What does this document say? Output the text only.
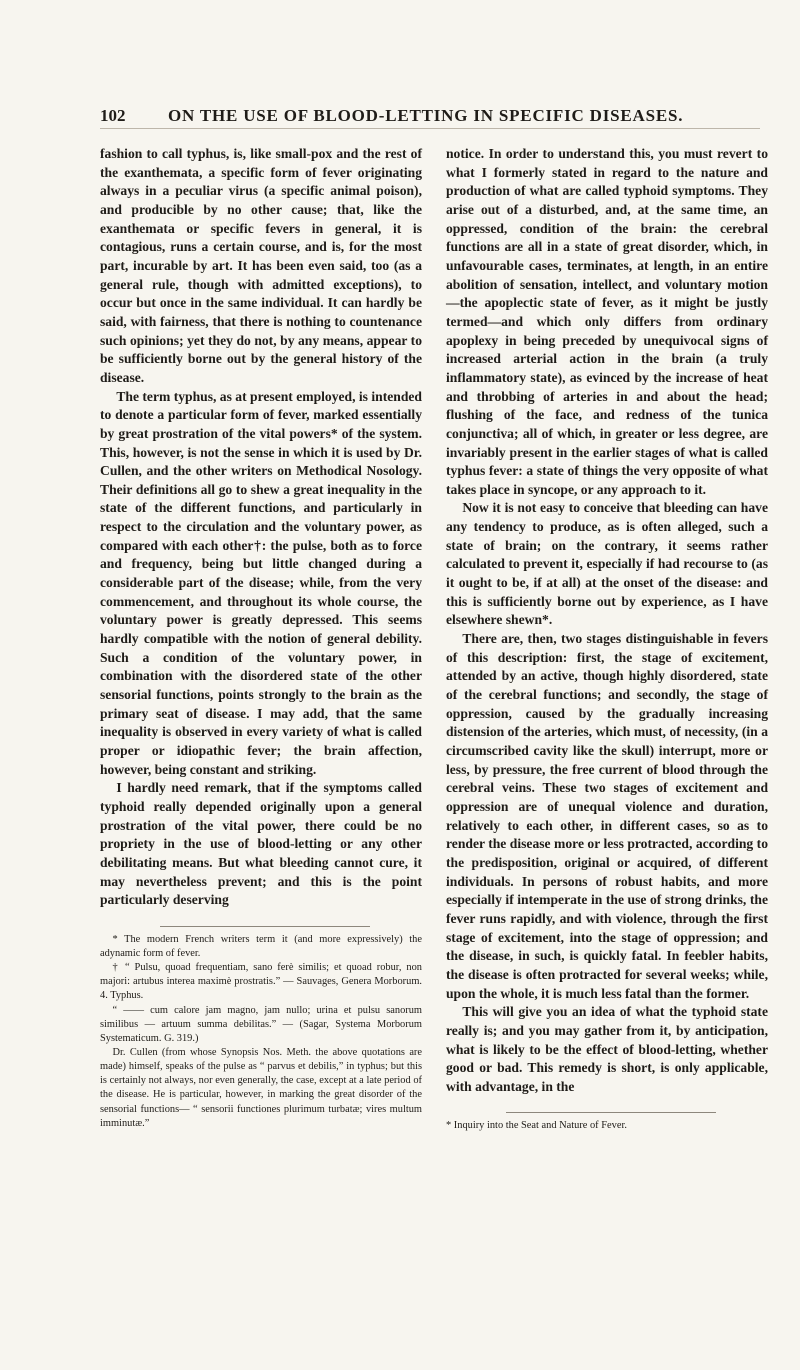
102	ON THE USE OF BLOOD-LETTING IN SPECIFIC DISEASES.

fashion to call typhus, is, like small-pox and the rest of the exanthemata, a specific form of fever originating always in a peculiar virus (a specific animal poison), and producible by no other cause; that, like the exanthemata or specific fevers in general, it is contagious, runs a certain course, and is, for the most part, incurable by art. It has been even said, too (as a general rule, though with admitted exceptions), to occur but once in the same individual. It can hardly be said, with fairness, that there is nothing to countenance such opinions; yet they do not, by any means, appear to be sufficiently borne out by the general history of the disease.

The term typhus, as at present employed, is intended to denote a particular form of fever, marked essentially by great prostration of the vital powers* of the system. This, however, is not the sense in which it is used by Dr. Cullen, and the other writers on Methodical Nosology. Their definitions all go to shew a great inequality in the state of the different functions, and particularly in respect to the circulation and the voluntary power, as compared with each other†: the pulse, both as to force and frequency, being but little changed during a considerable part of the disease; while, from the very commencement, and throughout its whole course, the voluntary power is greatly depressed. This seems hardly compatible with the notion of general debility. Such a condition of the voluntary power, in combination with the disordered state of the other sensorial functions, points strongly to the brain as the primary seat of disease. I may add, that the same inequality is observed in every variety of what is called proper or idiopathic fever; the brain affection, however, being constant and striking.

I hardly need remark, that if the symptoms called typhoid really depended originally upon a general prostration of the vital power, there could be no propriety in the use of blood-letting or any other debilitating means. But what bleeding cannot cure, it may nevertheless prevent; and this is the point particularly deserving

* The modern French writers term it (and more expressively) the adynamic form of fever.

† “ Pulsu, quoad frequentiam, sano ferè similis; et quoad robur, non majori: artubus interea maximè prostratis.” — Sauvages, Genera Morborum. 4. Typhus.

“ —— cum calore jam magno, jam nullo; urina et pulsu sanorum similibus — artuum summa debilitas.” — (Sagar, Systema Morborum Systematicum. G. 319.)

Dr. Cullen (from whose Synopsis Nos. Meth. the above quotations are made) himself, speaks of the pulse as “ parvus et debilis,” in typhus; but this is certainly not always, nor even generally, the case, except at a late period of the disease. He is particular, however, in marking the great disorder of the sensorial functions— “ sensorii functiones plurimum turbatæ; vires multum imminutæ.”

notice. In order to understand this, you must revert to what I formerly stated in regard to the nature and production of what are called typhoid symptoms. They arise out of a disturbed, and, at the same time, an oppressed, condition of the brain: the cerebral functions are all in a state of great disorder, which, in unfavourable cases, terminates, at length, in an entire abolition of sensation, intellect, and voluntary motion—the apoplectic state of fever, as it might be justly termed—and which only differs from ordinary apoplexy in being preceded by unequivocal signs of increased arterial action in the brain (a truly inflammatory state), as evinced by the increase of heat and throbbing of arteries in and about the head; flushing of the face, and redness of the tunica conjunctiva; all of which, in greater or less degree, are invariably present in the earlier stages of what is called typhus fever: a state of things the very opposite of what takes place in syncope, or any approach to it.

Now it is not easy to conceive that bleeding can have any tendency to produce, as is often alleged, such a state of brain; on the contrary, it seems rather calculated to prevent it, especially if had recourse to (as it ought to be, if at all) at the onset of the disease: and this is sufficiently borne out by experience, as I have elsewhere shewn*.

There are, then, two stages distinguishable in fevers of this description: first, the stage of excitement, attended by an active, though highly disordered, state of the cerebral functions; and secondly, the stage of oppression, caused by the gradually increasing distension of the arteries, which must, of necessity, (in a circumscribed cavity like the skull) interrupt, more or less, by pressure, the free current of blood through the cerebral veins. These two stages of excitement and oppression are of unequal violence and duration, relatively to each other, in different cases, so as to render the disease more or less protracted, according to the predisposition, original or acquired, of different individuals. In persons of robust habits, and more especially if intemperate in the use of strong drinks, the fever runs rapidly, and with violence, through the first stage of excitement, into the stage of oppression; and the disease, in such, is quickly fatal. In feebler habits, the disease is often protracted for several weeks; while, upon the whole, it is much less fatal than the former.

This will give you an idea of what the typhoid state really is; and you may gather from it, by anticipation, what is likely to be the effect of blood-letting, whether good or bad. This remedy is short, is only applicable, with advantage, in the

* Inquiry into the Seat and Nature of Fever.
